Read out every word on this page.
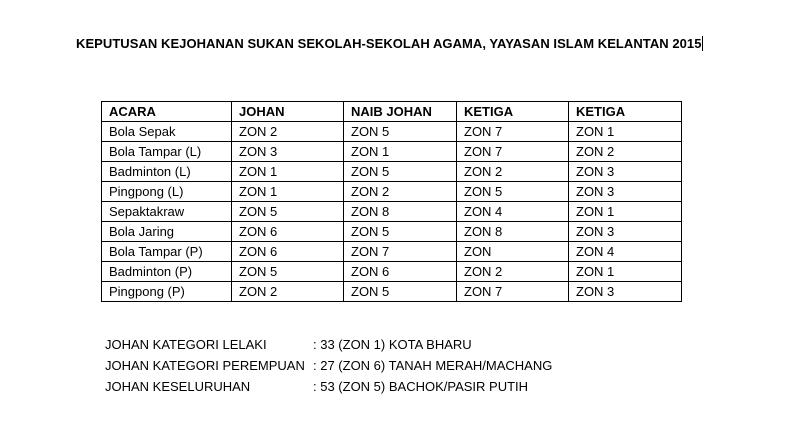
KEPUTUSAN KEJOHANAN SUKAN SEKOLAH-SEKOLAH AGAMA, YAYASAN ISLAM KELANTAN 2015
ACARA	JOHAN	NAIB JOHAN	KETIGA	KETIGA
Bola Sepak	ZON 2	ZON 5	ZON 7	ZON 1
Bola Tampar (L)	ZON 3	ZON 1	ZON 7	ZON 2
Badminton (L)	ZON 1	ZON 5	ZON 2	ZON 3
Pingpong (L)	ZON 1	ZON 2	ZON 5	ZON 3
Sepaktakraw	ZON 5	ZON 8	ZON 4	ZON 1
Bola Jaring	ZON 6	ZON 5	ZON 8	ZON 3
Bola Tampar (P)	ZON 6	ZON 7	ZON	ZON 4
Badminton (P)	ZON 5	ZON 6	ZON 2	ZON 1
Pingpong (P)	ZON 2	ZON 5	ZON 7	ZON 3
JOHAN KATEGORI LELAKI	: 33 (ZON 1) KOTA BHARU
JOHAN KATEGORI PEREMPUAN : 27 (ZON 6) TANAH MERAH/MACHANG
JOHAN KESELURUHAN	: 53 (ZON 5) BACHOK/PASIR PUTIH
